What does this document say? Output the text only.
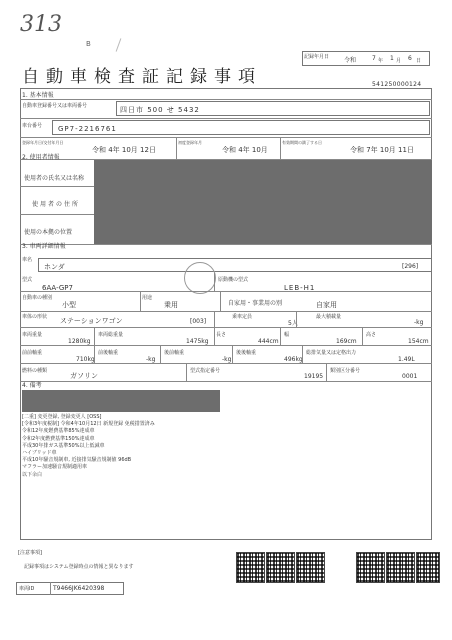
313
B
自動車検査証記録事項
記録年月日 令和	7 年 1 月 6 日
541250000124
1. 基本情報
自動車登録番号又は車両番号	四日市 500 せ 5432
車台番号 GP7-2216761
登録年月日/交付年月日
令和 4年 10月 12日
初度登録年月
令和 4年 10月
有効期間の満了する日
令和 7年 10月 11日
2. 使用者情報
使用者の氏名又は名称
使用者の住所
使用の本拠の位置
3. 車両詳細情報
車名
ホンダ	[296]
型式
6AA-GP7
原動機の型式
LEB-H1
自動車の種別
小型
用途
乗用	自家用・事業用の別	自家用
車体の形状 ステーションワゴン	[003]
乗車定員
5人
最大積載量
-kg
車両重量
1280kg
車両総重量
1475kg
長さ
444cm
幅
169cm
高さ
154cm
前前軸重
710kg
前後軸重
-kg
後前軸重
-kg
後後軸重
496kg
総排気量又は定格出力
1.49L
燃料の種類
ガソリン
型式指定番号
19195
類別区分番号
0001
4. 備考
[二重] 変更登録, 登録変更人 [OSS]
[令和3年度税制] 令和4年10月12日 新規登録 免税措置済み
令和12年度燃費基準85%達成車
令和2年度燃費基準150%達成車
平成30年排ガス基準50%以上低減車
ハイブリッド車
平成10年騒音規制車, 近接排気騒音規制値 96dB
マフラー加速騒音規制適用車
以下余白
[注意事項]
記録事項はシステム登録時点の情報と異なります
車両ID	T9466JK6420398
